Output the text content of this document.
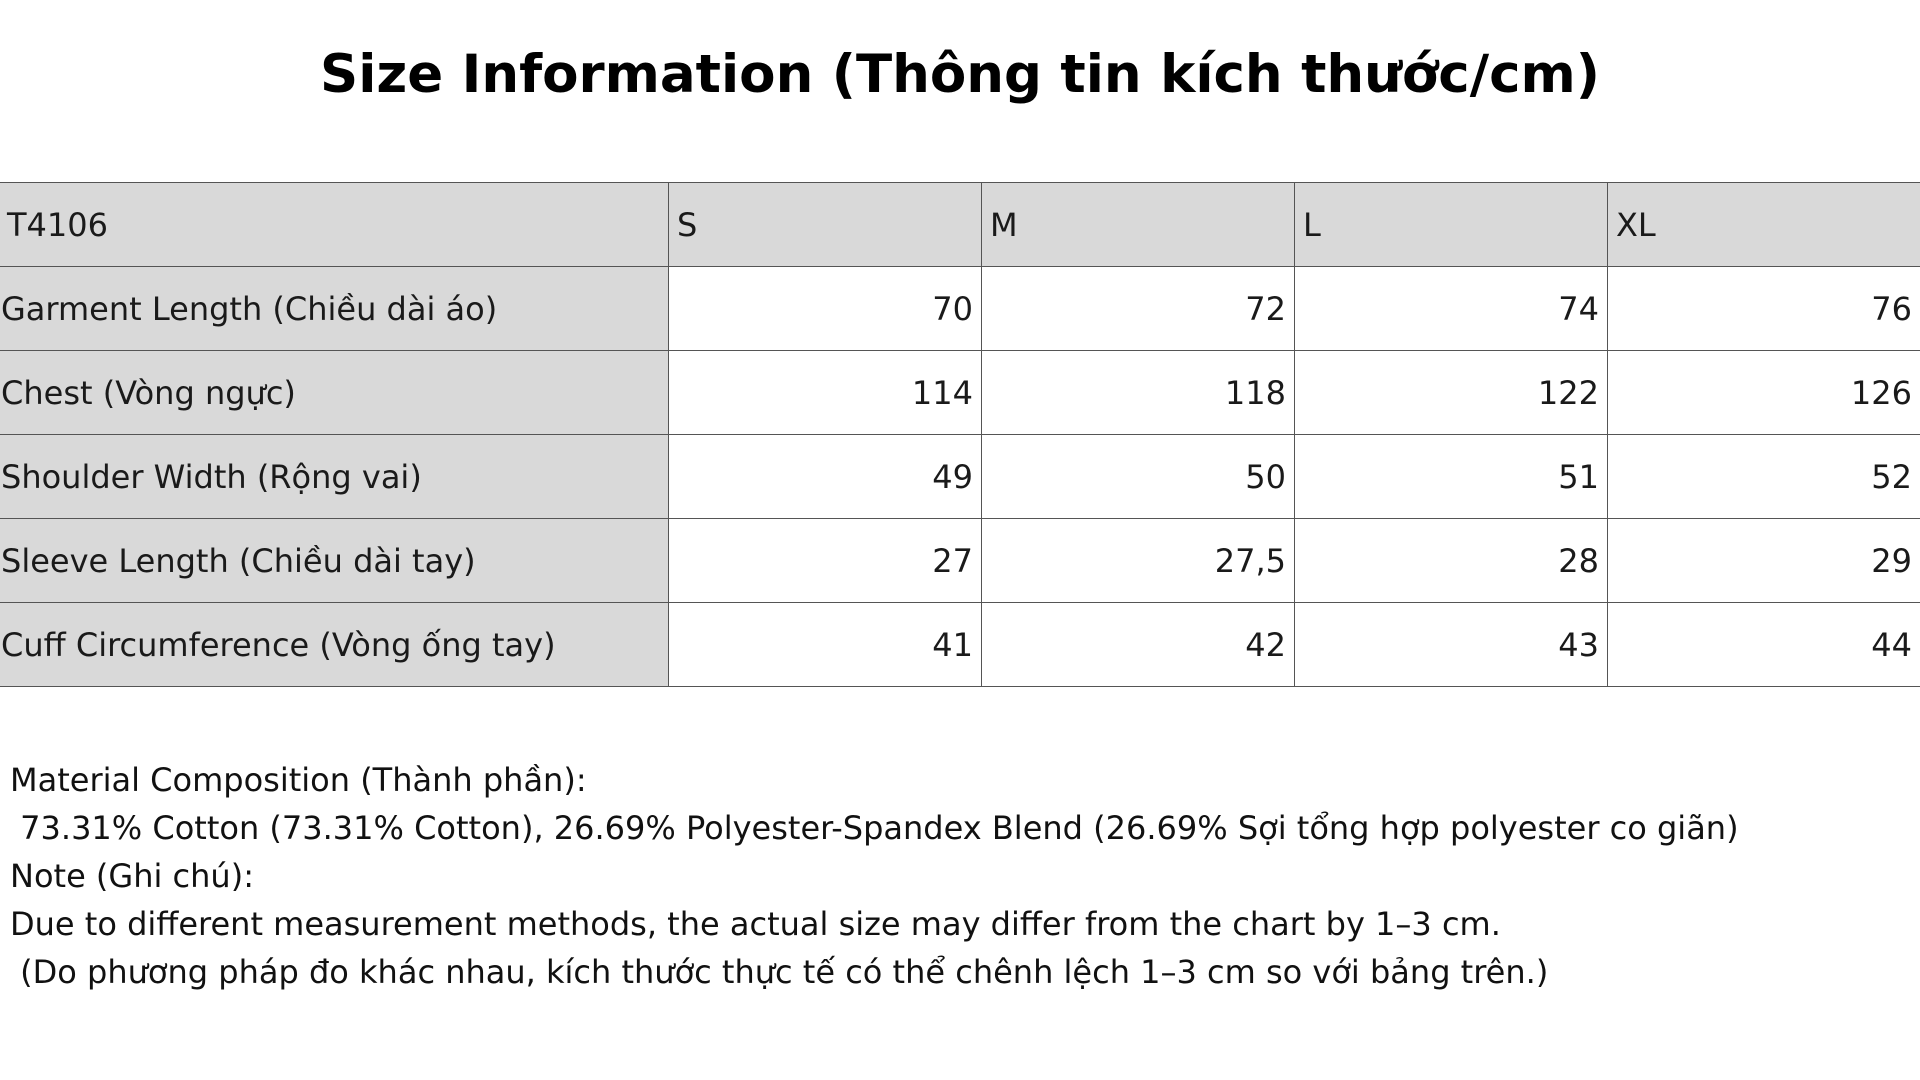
Size Information (Thông tin kích thước/cm)
T4106	S	M	L	XL
Garment Length (Chiều dài áo)	70	72	74	76
Chest (Vòng ngực)	114	118	122	126
Shoulder Width (Rộng vai)	49	50	51	52
Sleeve Length (Chiều dài tay)	27	27,5	28	29
Cuff Circumference (Vòng ống tay)	41	42	43	44
Material Composition (Thành phần):
73.31% Cotton (73.31% Cotton), 26.69% Polyester-Spandex Blend (26.69% Sợi tổng hợp polyester co giãn)
Note (Ghi chú):
Due to different measurement methods, the actual size may differ from the chart by 1–3 cm.
(Do phương pháp đo khác nhau, kích thước thực tế có thể chênh lệch 1–3 cm so với bảng trên.)
